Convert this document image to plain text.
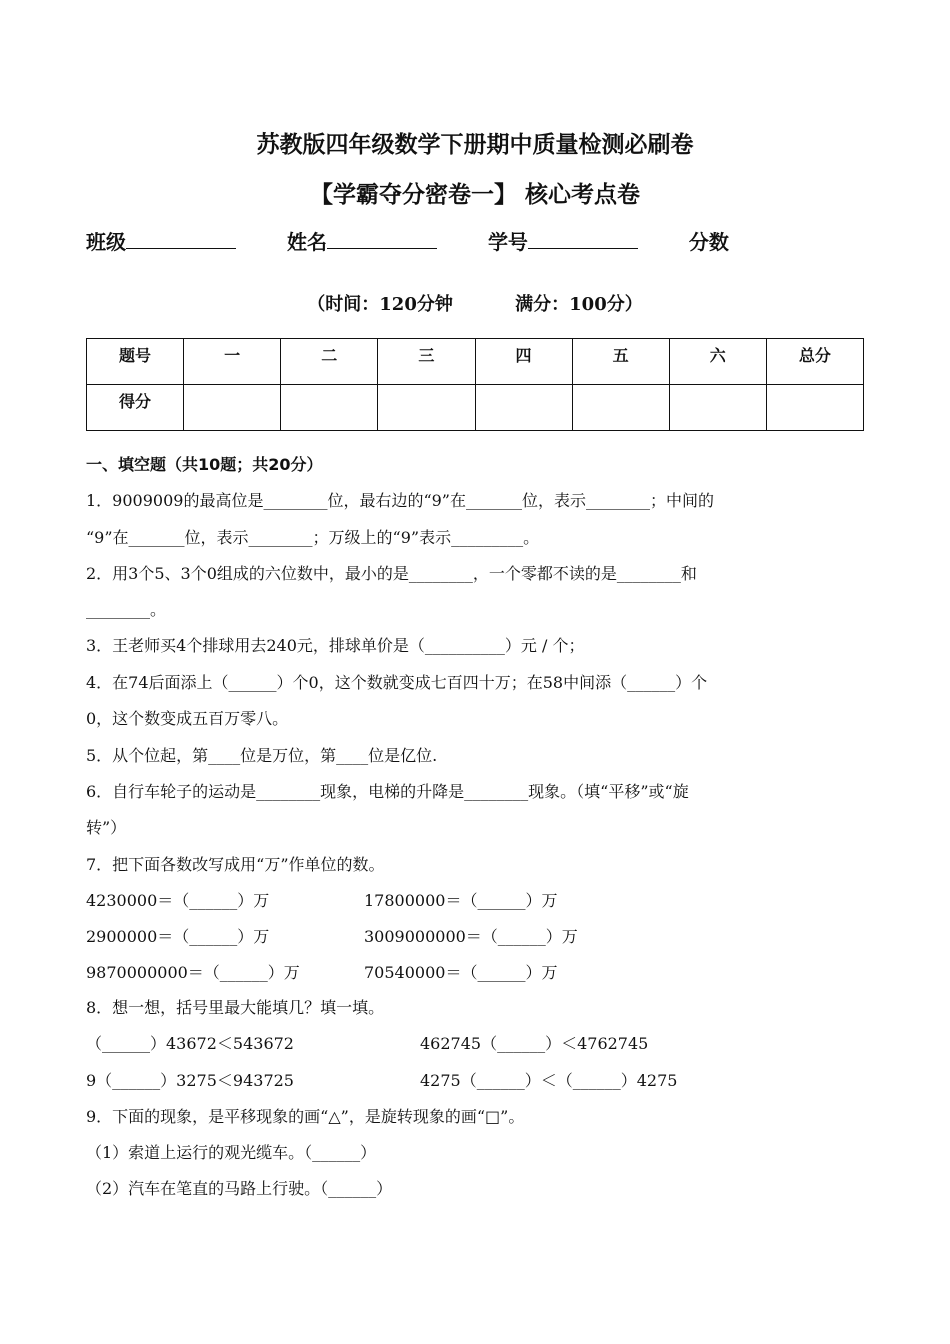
苏教版四年级数学下册期中质量检测必刷卷
【学霸夺分密卷一】 核心考点卷
班级	姓名	学号	分数
（时间：120分钟	满分：100分）
题号	一	二	三	四	五	六	总分
得分							
一、填空题（共10题；共20分）
1．9009009的最高位是________位，最右边的“9”在_______位，表示________；中间的
“9”在_______位，表示________；万级上的“9”表示_________。
2．用3个5、3个0组成的六位数中，最小的是________，一个零都不读的是________和
________。
3．王老师买4个排球用去240元，排球单价是（__________）元 / 个；
4．在74后面添上（______）个0，这个数就变成七百四十万；在58中间添（______）个
0，这个数变成五百万零八。
5．从个位起，第____位是万位，第____位是亿位.
6．自行车轮子的运动是________现象，电梯的升降是________现象。（填“平移”或“旋
转”）
7．把下面各数改写成用“万”作单位的数。
4230000＝（______）万	17800000＝（______）万
2900000＝（______）万	3009000000＝（______）万
9870000000＝（______）万	70540000＝（______）万
8．想一想，括号里最大能填几？填一填。
（______）43672＜543672	462745（______）＜4762745
9（______）3275＜943725	4275（______）＜（______）4275
9．下面的现象，是平移现象的画“△”，是旋转现象的画“□”。
（1）索道上运行的观光缆车。（______）
（2）汽车在笔直的马路上行驶。（______）
